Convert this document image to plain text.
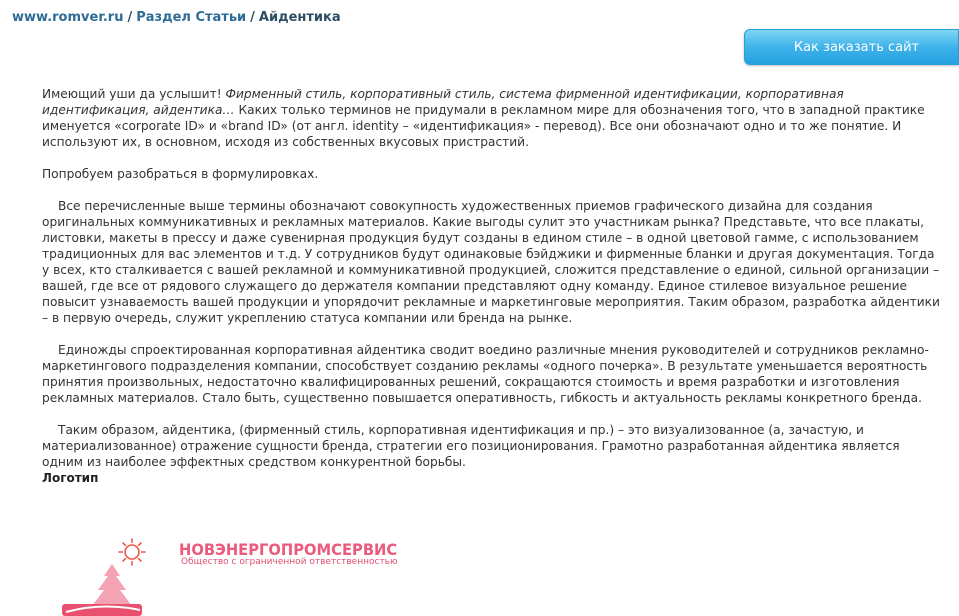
www.romver.ru / Раздел Статьи / Айдентика
Как заказать сайт

Имеющий уши да услышит! Фирменный стиль, корпоративный стиль, система фирменной идентификации, корпоративная идентификация, айдентика… Каких только терминов не придумали в рекламном мире для обозначения того, что в западной практике именуется «corporate ID» и «brand ID» (от англ. identity – «идентификация» - перевод). Все они обозначают одно и то же понятие. И используют их, в основном, исходя из собственных вкусовых пристрастий.

Попробуем разобраться в формулировках.

Все перечисленные выше термины обозначают совокупность художественных приемов графического дизайна для создания оригинальных коммуникативных и рекламных материалов. Какие выгоды сулит это участникам рынка? Представьте, что все плакаты, листовки, макеты в прессу и даже сувенирная продукция будут созданы в едином стиле – в одной цветовой гамме, с использованием традиционных для вас элементов и т.д. У сотрудников будут одинаковые бэйджики и фирменные бланки и другая документация. Тогда у всех, кто сталкивается с вашей рекламной и коммуникативной продукцией, сложится представление о единой, сильной организации – вашей, где все от рядового служащего до держателя компании представляют одну команду. Единое стилевое визуальное решение повысит узнаваемость вашей продукции и упорядочит рекламные и маркетинговые мероприятия. Таким образом, разработка айдентики – в первую очередь, служит укреплению статуса компании или бренда на рынке.

Единожды спроектированная корпоративная айдентика сводит воедино различные мнения руководителей и сотрудников рекламно-маркетингового подразделения компании, способствует созданию рекламы «одного почерка». В результате уменьшается вероятность принятия произвольных, недостаточно квалифицированных решений, сокращаются стоимость и время разработки и изготовления рекламных материалов. Стало быть, существенно повышается оперативность, гибкость и актуальность рекламы конкретного бренда.

Таким образом, айдентика, (фирменный стиль, корпоративная идентификация и пр.) – это визуализованное (а, зачастую, и материализованное) отражение сущности бренда, стратегии его позиционирования. Грамотно разработанная айдентика является одним из наиболее эффектных средством конкурентной борьбы.

Логотип
НОВЭНЕРГОПРОМСЕРВИС
Общество с ограниченной ответственностью
